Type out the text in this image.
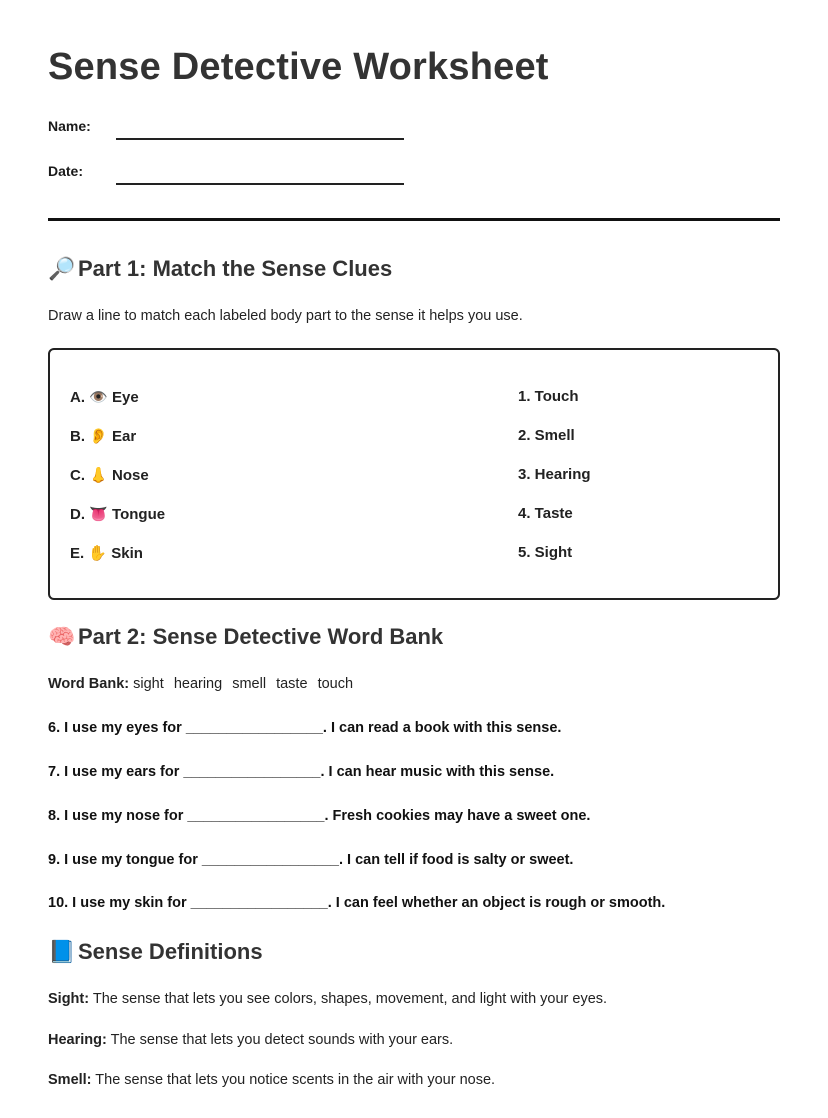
Sense Detective Worksheet
Name:
Date:
🔎 Part 1: Match the Sense Clues
Draw a line to match each labeled body part to the sense it helps you use.
A. 👁️ Eye
B. 👂 Ear
C. 👃 Nose
D. 👅 Tongue
E. ✋ Skin
1. Touch
2. Smell
3. Hearing
4. Taste
5. Sight
🧠 Part 2: Sense Detective Word Bank
Word Bank: sight hearing smell taste touch
6. I use my eyes for _________________. I can read a book with this sense.
7. I use my ears for _________________. I can hear music with this sense.
8. I use my nose for _________________. Fresh cookies may have a sweet one.
9. I use my tongue for _________________. I can tell if food is salty or sweet.
10. I use my skin for _________________. I can feel whether an object is rough or smooth.
📘 Sense Definitions
Sight: The sense that lets you see colors, shapes, movement, and light with your eyes.
Hearing: The sense that lets you detect sounds with your ears.
Smell: The sense that lets you notice scents in the air with your nose.
